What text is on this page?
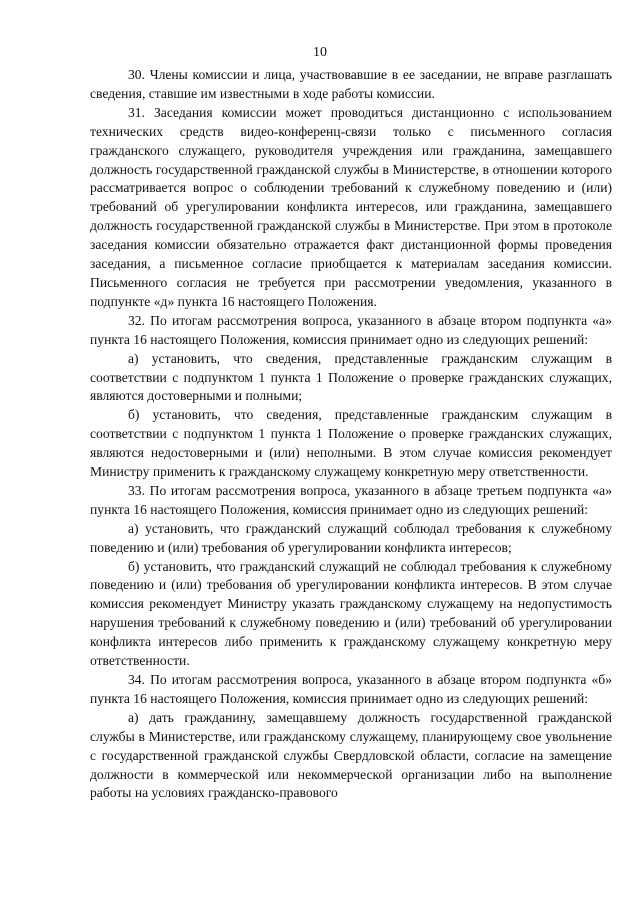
10

30. Члены комиссии и лица, участвовавшие в ее заседании, не вправе разглашать сведения, ставшие им известными в ходе работы комиссии.

31. Заседания комиссии может проводиться дистанционно с использованием технических средств видео-конференц-связи только с письменного согласия гражданского служащего, руководителя учреждения или гражданина, замещавшего должность государственной гражданской службы в Министерстве, в отношении которого рассматривается вопрос о соблюдении требований к служебному поведению и (или) требований об урегулировании конфликта интересов, или гражданина, замещавшего должность государственной гражданской службы в Министерстве. При этом в протоколе заседания комиссии обязательно отражается факт дистанционной формы проведения заседания, а письменное согласие приобщается к материалам заседания комиссии. Письменного согласия не требуется при рассмотрении уведомления, указанного в подпункте «д» пункта 16 настоящего Положения.

32. По итогам рассмотрения вопроса, указанного в абзаце втором подпункта «а» пункта 16 настоящего Положения, комиссия принимает одно из следующих решений:

а) установить, что сведения, представленные гражданским служащим в соответствии с подпунктом 1 пункта 1 Положение о проверке гражданских служащих, являются достоверными и полными;

б) установить, что сведения, представленные гражданским служащим в соответствии с подпунктом 1 пункта 1 Положение о проверке гражданских служащих, являются недостоверными и (или) неполными. В этом случае комиссия рекомендует Министру применить к гражданскому служащему конкретную меру ответственности.

33. По итогам рассмотрения вопроса, указанного в абзаце третьем подпункта «а» пункта 16 настоящего Положения, комиссия принимает одно из следующих решений:

а) установить, что гражданский служащий соблюдал требования к служебному поведению и (или) требования об урегулировании конфликта интересов;

б) установить, что гражданский служащий не соблюдал требования к служебному поведению и (или) требования об урегулировании конфликта интересов. В этом случае комиссия рекомендует Министру указать гражданскому служащему на недопустимость нарушения требований к служебному поведению и (или) требований об урегулировании конфликта интересов либо применить к гражданскому служащему конкретную меру ответственности.

34. По итогам рассмотрения вопроса, указанного в абзаце втором подпункта «б» пункта 16 настоящего Положения, комиссия принимает одно из следующих решений:

а) дать гражданину, замещавшему должность государственной гражданской службы в Министерстве, или гражданскому служащему, планирующему свое увольнение с государственной гражданской службы Свердловской области, согласие на замещение должности в коммерческой или некоммерческой организации либо на выполнение работы на условиях гражданско-правового
